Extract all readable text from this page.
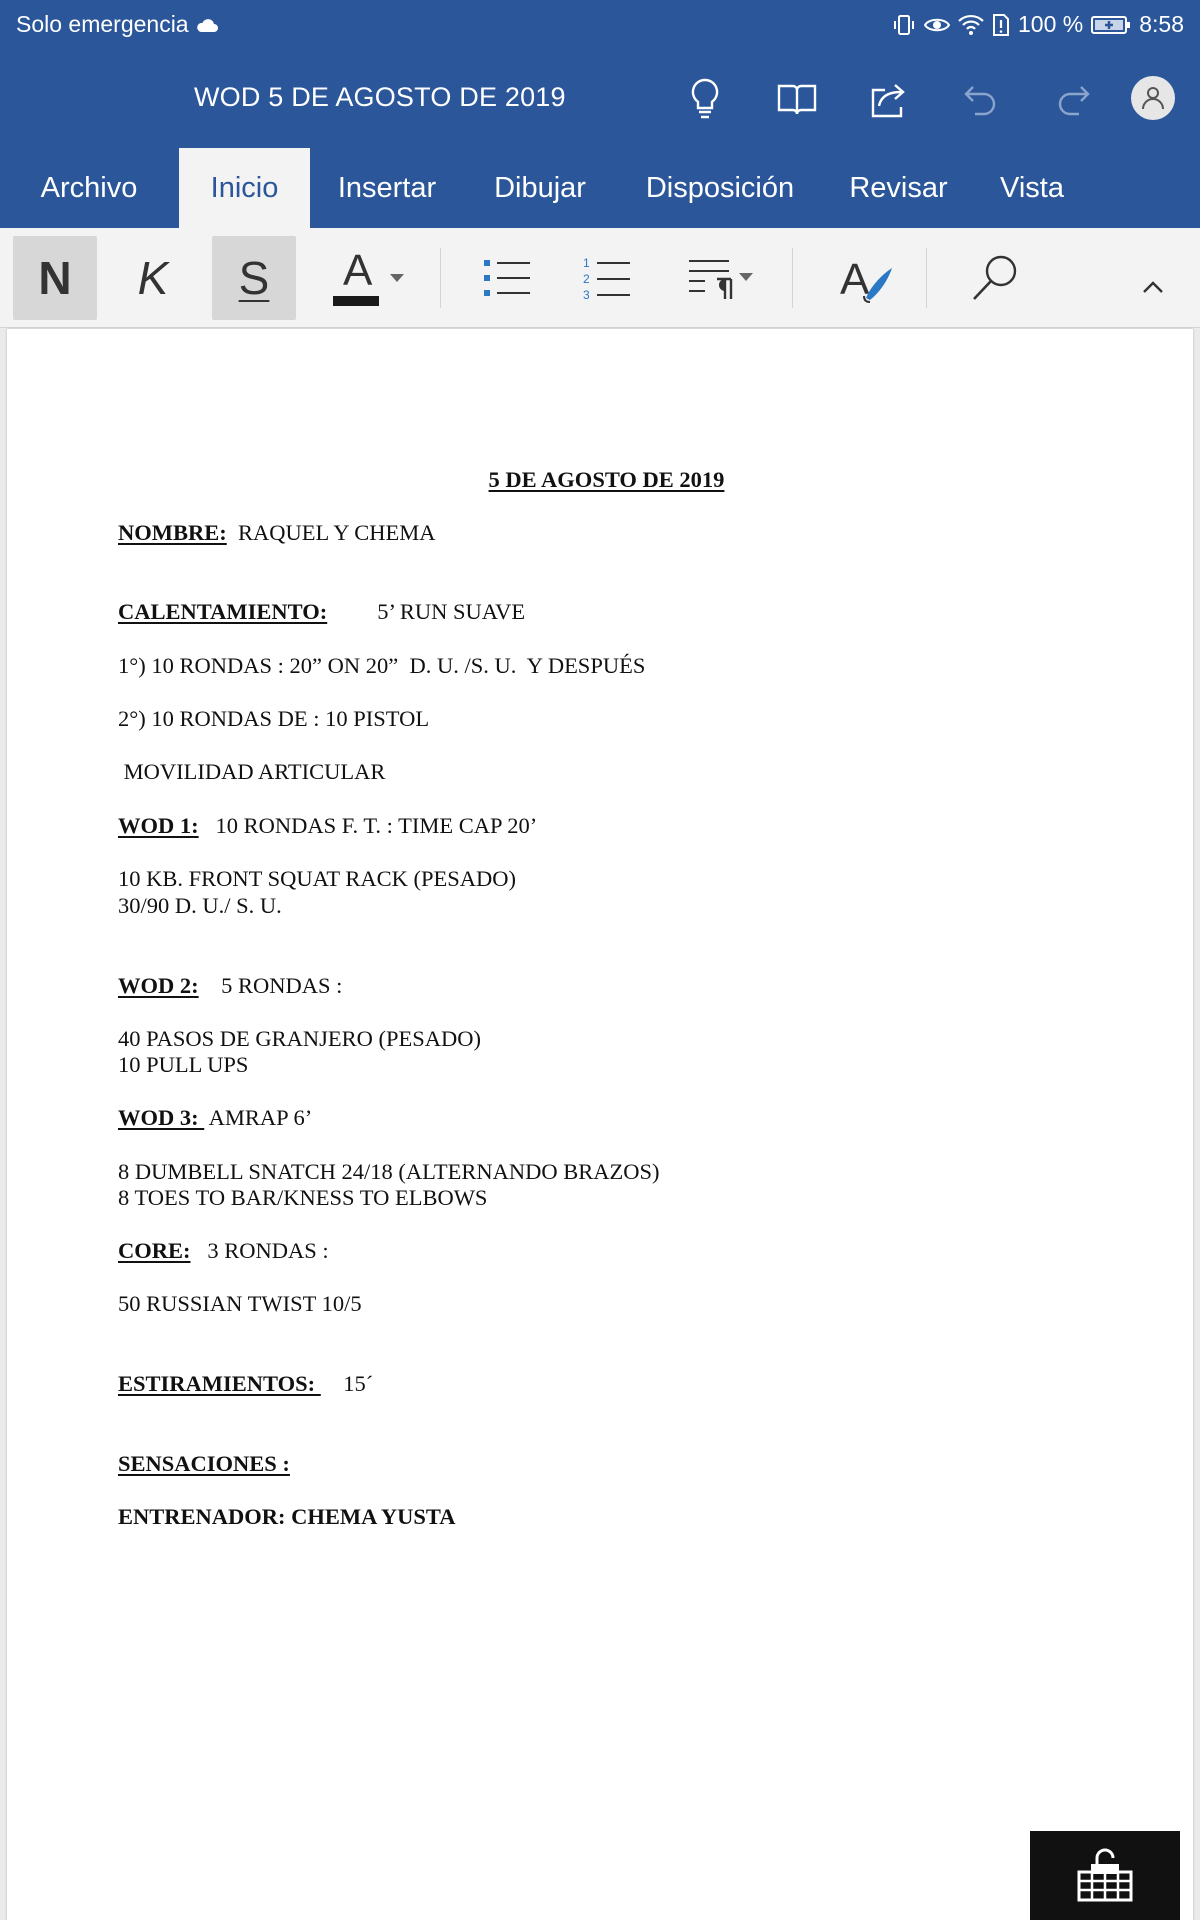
Solo emergencia	100 % 8:58
WOD 5 DE AGOSTO DE 2019
Archivo	Inicio	Insertar	Dibujar	Disposición	Revisar	Vista
N K S A	1
2
3	A
5 DE AGOSTO DE 2019
NOMBRE: RAQUEL Y CHEMA
CALENTAMIENTO: 5’ RUN SUAVE
1°) 10 RONDAS : 20” ON 20”  D. U. /S. U.  Y DESPUÉS
2°) 10 RONDAS DE : 10 PISTOL
MOVILIDAD ARTICULAR
WOD 1: 10 RONDAS F. T. : TIME CAP 20’
10 KB. FRONT SQUAT RACK (PESADO)
30/90 D. U./ S. U.
WOD 2: 5 RONDAS :
40 PASOS DE GRANJERO (PESADO)
10 PULL UPS
WOD 3:  AMRAP 6’
8 DUMBELL SNATCH 24/18 (ALTERNANDO BRAZOS)
8 TOES TO BAR/KNESS TO ELBOWS
CORE: 3 RONDAS :
50 RUSSIAN TWIST 10/5
ESTIRAMIENTOS:     15´
SENSACIONES :
ENTRENADOR: CHEMA YUSTA
